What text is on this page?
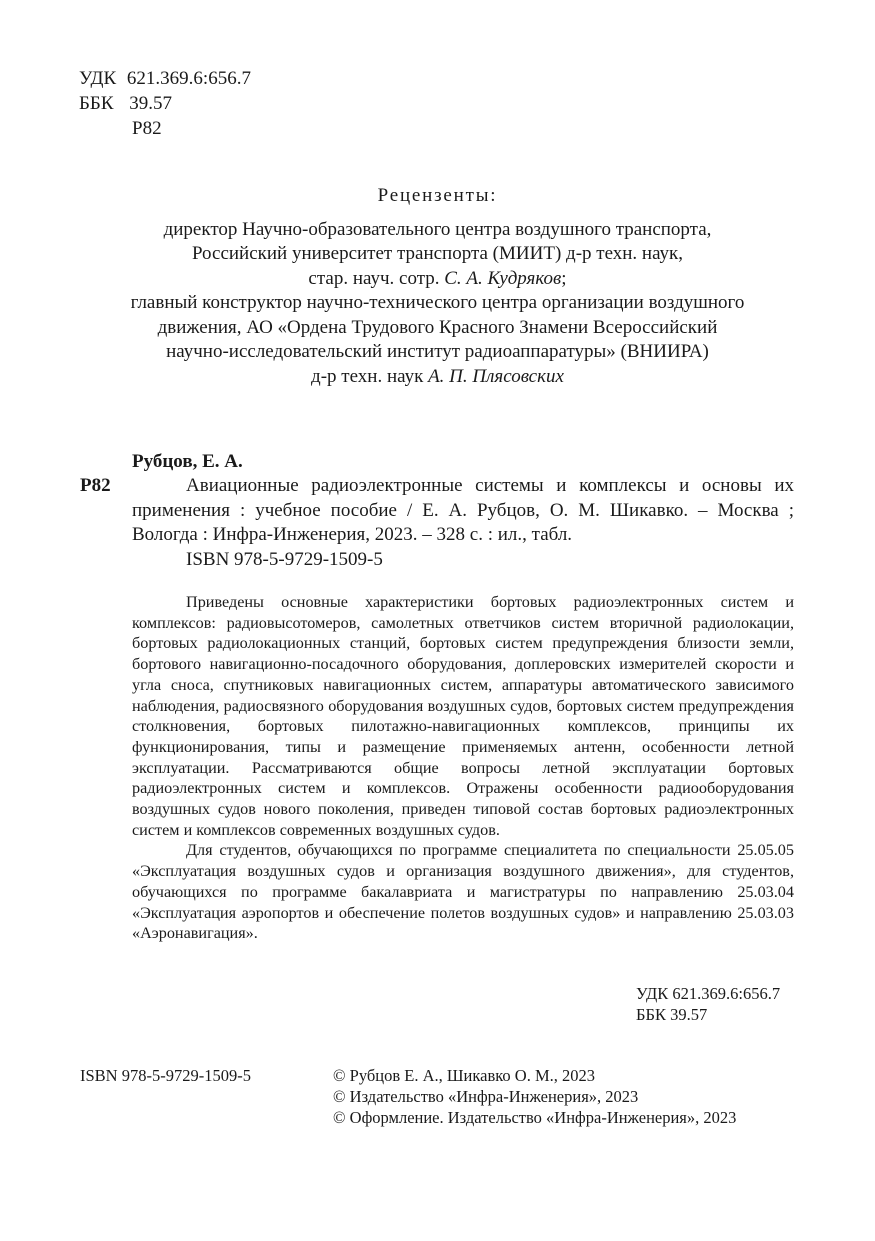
УДК 621.369.6:656.7
ББК 39.57
Р82
Рецензенты:
директор Научно-образовательного центра воздушного транспорта,
Российский университет транспорта (МИИТ) д-р техн. наук,
стар. науч. сотр. С. А. Кудряков;
главный конструктор научно-технического центра организации воздушного
движения, АО «Ордена Трудового Красного Знамени Всероссийский
научно-исследовательский институт радиоаппаратуры» (ВНИИРА)
д-р техн. наук А. П. Плясовских
Рубцов, Е. А.
Р82	Авиационные радиоэлектронные системы и комплексы и основы их
применения : учебное пособие / Е. А. Рубцов, О. М. Шикавко. – Москва ;
Вологда : Инфра-Инженерия, 2023. – 328 с. : ил., табл.
ISBN 978-5-9729-1509-5

Приведены основные характеристики бортовых радиоэлектронных систем и комплексов: радиовысотомеров, самолетных ответчиков систем вторичной радиолокации, бортовых радиолокационных станций, бортовых систем предупреждения близости земли, бортового навигационно-посадочного оборудования, доплеровских измерителей скорости и угла сноса, спутниковых навигационных систем, аппаратуры автоматического зависимого наблюдения, радиосвязного оборудования воздушных судов, бортовых систем предупреждения столкновения, бортовых пилотажно-навигационных комплексов, принципы их функционирования, типы и размещение применяемых антенн, особенности летной эксплуатации. Рассматриваются общие вопросы летной эксплуатации бортовых радиоэлектронных систем и комплексов. Отражены особенности радиооборудования воздушных судов нового поколения, приведен типовой состав бортовых радиоэлектронных систем и комплексов современных воздушных судов.

Для студентов, обучающихся по программе специалитета по специальности 25.05.05 «Эксплуатация воздушных судов и организация воздушного движения», для студентов, обучающихся по программе бакалавриата и магистратуры по направлению 25.03.04 «Эксплуатация аэропортов и обеспечение полетов воздушных судов» и направлению 25.03.03 «Аэронавигация».

УДК 621.369.6:656.7
ББК 39.57
ISBN 978-5-9729-1509-5	© Рубцов Е. А., Шикавко О. М., 2023
© Издательство «Инфра-Инженерия», 2023
© Оформление. Издательство «Инфра-Инженерия», 2023
